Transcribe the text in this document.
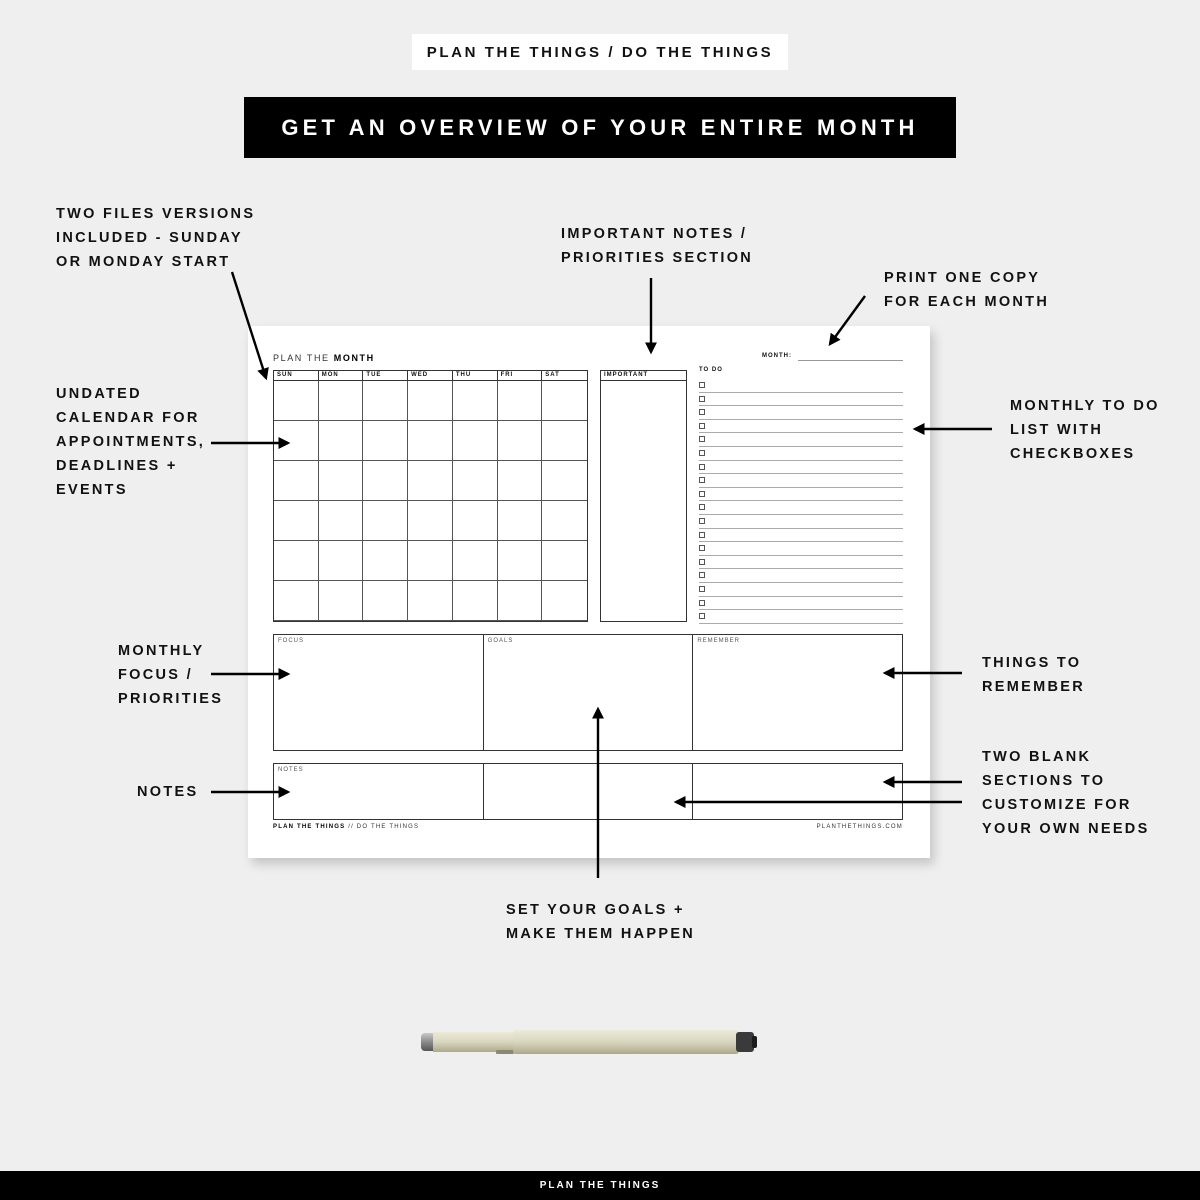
PLAN THE THINGS / DO THE THINGS
GET AN OVERVIEW OF YOUR ENTIRE MONTH
TWO FILES VERSIONS
INCLUDED - SUNDAY
OR MONDAY START
IMPORTANT NOTES /
PRIORITIES SECTION
PRINT ONE COPY
FOR EACH MONTH
UNDATED
CALENDAR FOR
APPOINTMENTS,
DEADLINES +
EVENTS
MONTHLY TO DO
LIST WITH
CHECKBOXES
MONTHLY
FOCUS /
PRIORITIES
THINGS TO
REMEMBER
NOTES
TWO BLANK
SECTIONS TO
CUSTOMIZE FOR
YOUR OWN NEEDS
SET YOUR GOALS +
MAKE THEM HAPPEN
PLAN THE MONTH	MONTH:
SUN	MON	TUE	WED	THU	FRI	SAT	IMPORTANT
TO DO
FOCUS	GOALS	REMEMBER
NOTES
PLAN THE THINGS // DO THE THINGS	PLANTHETHINGS.COM
PLAN THE THINGS
